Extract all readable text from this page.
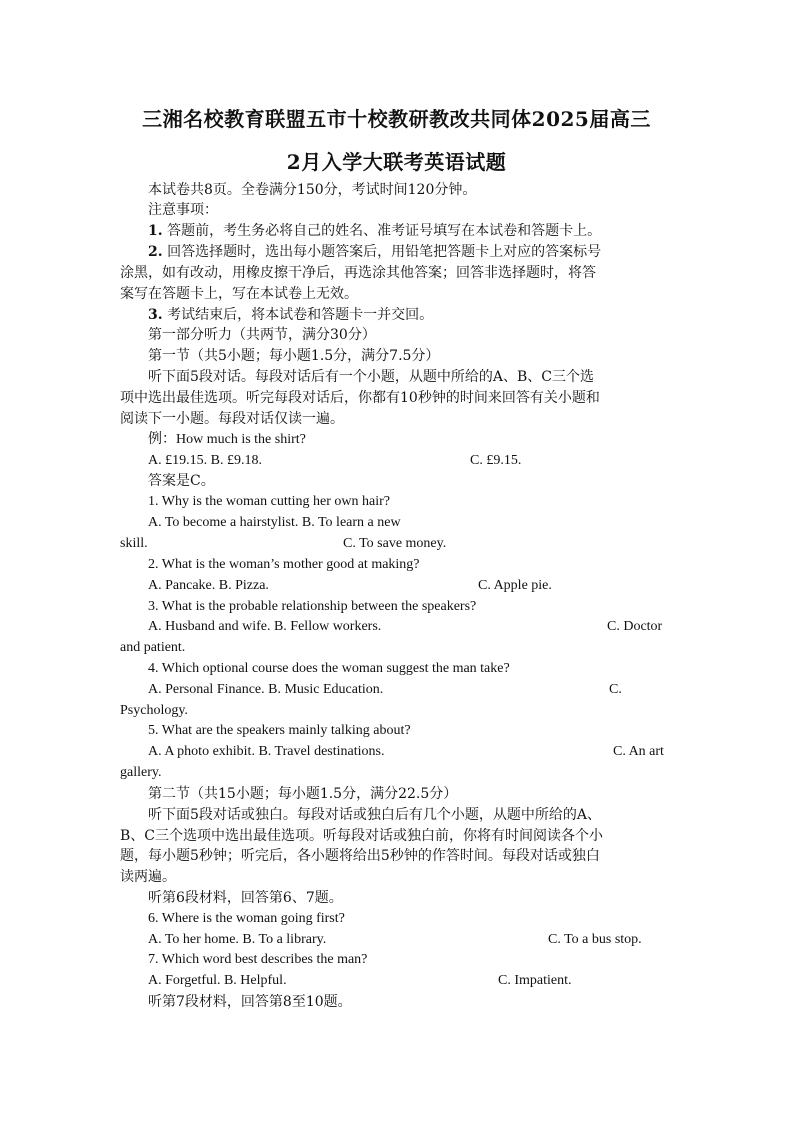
三湘名校教育联盟五市十校教研教改共同体2025届高三
2月入学大联考英语试题
本试卷共8页。全卷满分150分，考试时间120分钟。
注意事项：
1. 答题前，考生务必将自己的姓名、准考证号填写在本试卷和答题卡上。
2. 回答选择题时，选出每小题答案后，用铅笔把答题卡上对应的答案标号
涂黑，如有改动，用橡皮擦干净后，再选涂其他答案；回答非选择题时，将答
案写在答题卡上，写在本试卷上无效。
3. 考试结束后，将本试卷和答题卡一并交回。
第一部分听力（共两节，满分30分）
第一节（共5小题；每小题1.5分，满分7.5分）
听下面5段对话。每段对话后有一个小题，从题中所给的A、B、C三个选
项中选出最佳选项。听完每段对话后，你都有10秒钟的时间来回答有关小题和
阅读下一小题。每段对话仅读一遍。
例：How much is the shirt?
A. £19.15. B. £9.18.	C. £9.15.
答案是C。
1. Why is the woman cutting her own hair?
A. To become a hairstylist. B. To learn a new
skill.	C. To save money.
2. What is the woman’s mother good at making?
A. Pancake. B. Pizza.	C. Apple pie.
3. What is the probable relationship between the speakers?
A. Husband and wife. B. Fellow workers.	C. Doctor
and patient.
4. Which optional course does the woman suggest the man take?
A. Personal Finance. B. Music Education.	C.
Psychology.
5. What are the speakers mainly talking about?
A. A photo exhibit. B. Travel destinations.	C. An art
gallery.
第二节（共15小题；每小题1.5分，满分22.5分）
听下面5段对话或独白。每段对话或独白后有几个小题，从题中所给的A、
B、C三个选项中选出最佳选项。听每段对话或独白前，你将有时间阅读各个小
题，每小题5秒钟；听完后，各小题将给出5秒钟的作答时间。每段对话或独白
读两遍。
听第6段材料，回答第6、7题。
6. Where is the woman going first?
A. To her home. B. To a library.	C. To a bus stop.
7. Which word best describes the man?
A. Forgetful. B. Helpful.	C. Impatient.
听第7段材料，回答第8至10题。
